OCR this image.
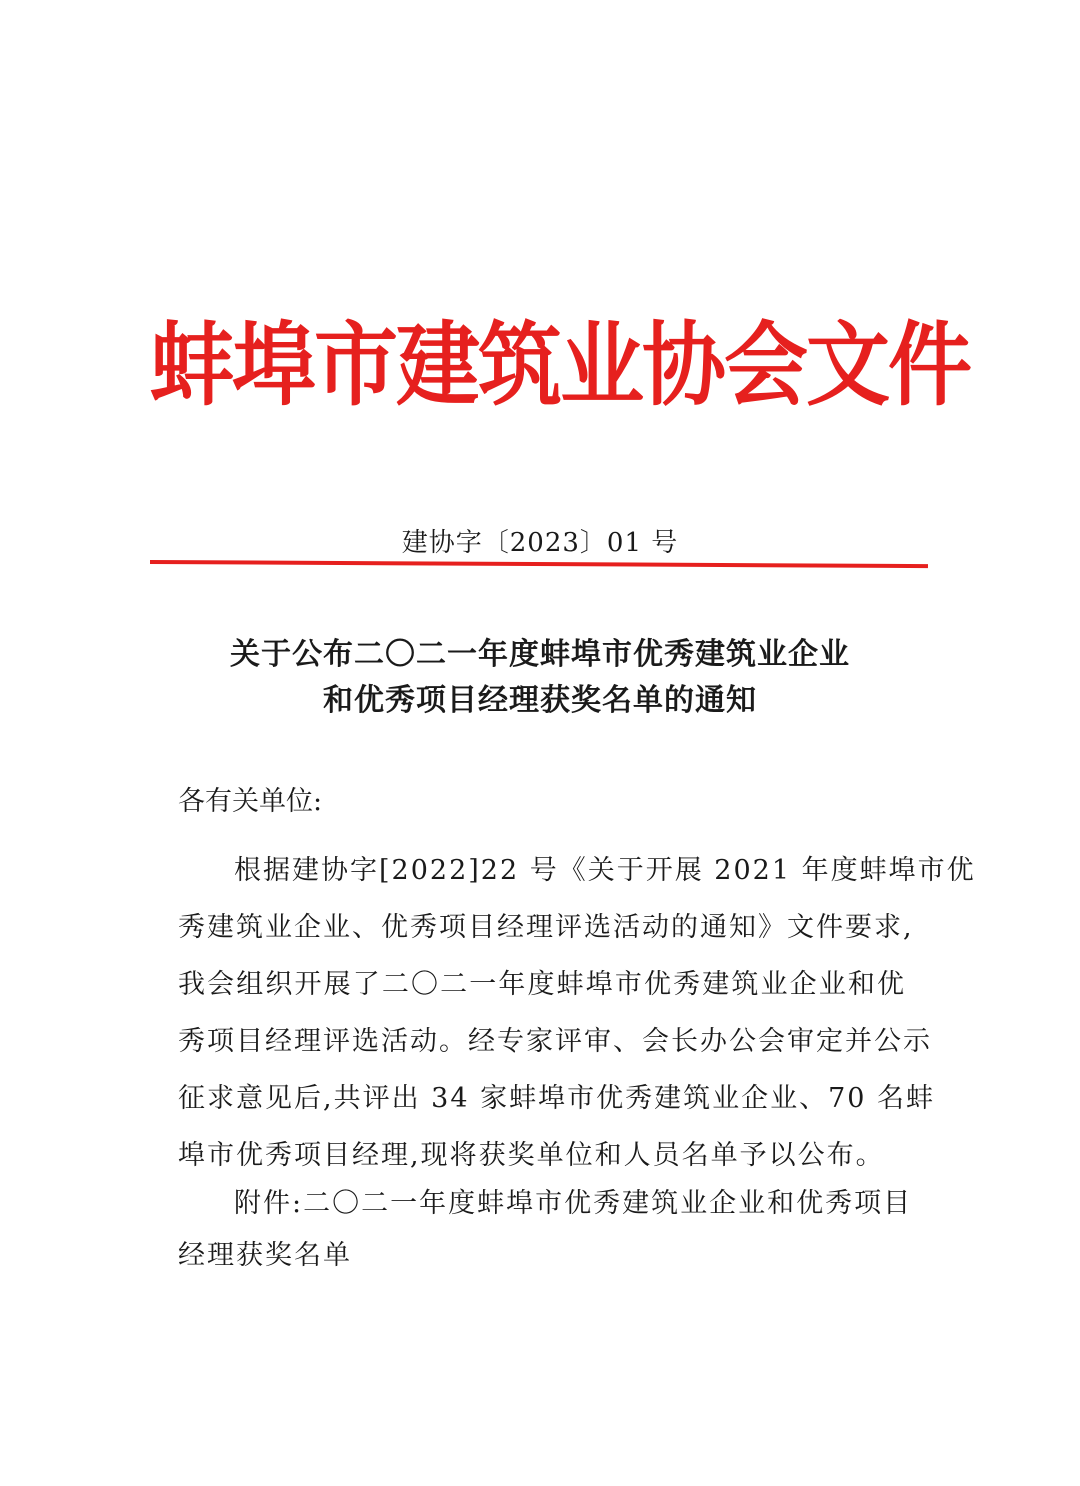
蚌埠市建筑业协会文件
建协字〔2023〕01 号
关于公布二〇二一年度蚌埠市优秀建筑业企业
和优秀项目经理获奖名单的通知
各有关单位:
根据建协字[2022]22 号《关于开展 2021 年度蚌埠市优
秀建筑业企业、优秀项目经理评选活动的通知》文件要求,
我会组织开展了二〇二一年度蚌埠市优秀建筑业企业和优
秀项目经理评选活动。经专家评审、会长办公会审定并公示
征求意见后,共评出 34 家蚌埠市优秀建筑业企业、70 名蚌
埠市优秀项目经理,现将获奖单位和人员名单予以公布。
附件:二〇二一年度蚌埠市优秀建筑业企业和优秀项目
经理获奖名单
